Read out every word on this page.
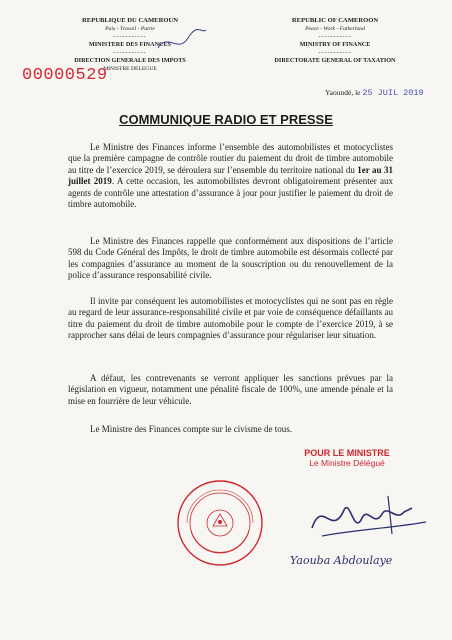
REPUBLIQUE DU CAMEROUN
Paix - Travail - Patrie
-----------
MINISTERE DES FINANCES
-----------
DIRECTION GENERALE DES IMPOTS
MINISTRE DELEGUE
REPUBLIC OF CAMEROON
Peace - Work - Fatherland
-----------
MINISTRY OF FINANCE
-----------
DIRECTORATE GENERAL OF TAXATION
00000529
Yaoundé, le 25 JUIL 2019
COMMUNIQUE RADIO ET PRESSE

Le Ministre des Finances informe l’ensemble des automobilistes et motocyclistes que la première campagne de contrôle routier du paiement du droit de timbre automobile au titre de l’exercice 2019, se déroulera sur l’ensemble du territoire national du 1er au 31 juillet 2019. A cette occasion, les automobilistes devront obligatoirement présenter aux agents de contrôle une attestation d’assurance à jour pour justifier le paiement du droit de timbre automobile.

Le Ministre des Finances rappelle que conformément aux dispositions de l’article 598 du Code Général des Impôts, le droit de timbre automobile est désormais collecté par les compagnies d’assurance au moment de la souscription ou du renouvellement de la police d’assurance responsabilité civile.

Il invite par conséquent les automobilistes et motocyclistes qui ne sont pas en règle au regard de leur assurance-responsabilité civile et par voie de conséquence défaillants au titre du paiement du droit de timbre automobile pour le compte de l’exercice 2019, à se rapprocher sans délai de leurs compagnies d’assurance pour régulariser leur situation.

A défaut, les contrevenants se verront appliquer les sanctions prévues par la législation en vigueur, notamment une pénalité fiscale de 100%, une amende pénale et la mise en fourrière de leur véhicule.

Le Ministre des Finances compte sur le civisme de tous.

POUR LE MINISTRE
Le Ministre Délégué
Yaouba Abdoulaye
